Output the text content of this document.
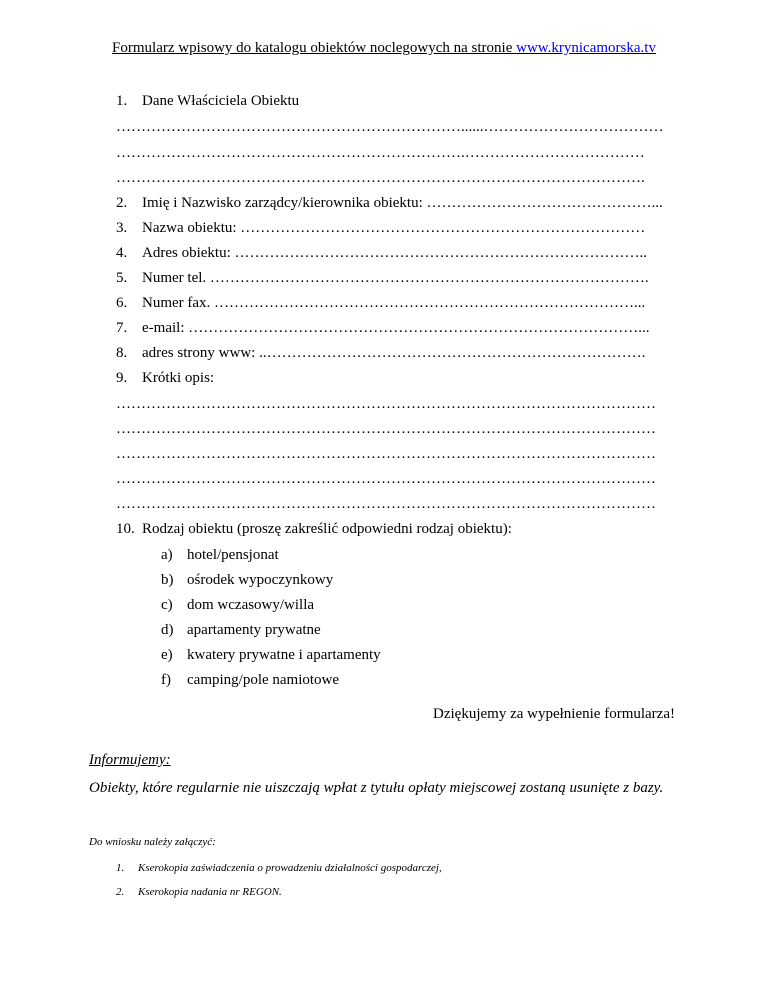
Formularz wpisowy do katalogu obiektów noclegowych na stronie www.krynicamorska.tv
1. Dane Właściciela Obiektu
……………………………………………………………......………………………………
…………………………………………………………….………………………………
…………………………………………………………………………………………….
2. Imię i Nazwisko zarządcy/kierownika obiektu: ………………………………………...
3. Nazwa obiektu: ………………………………………………………………………
4. Adres obiektu: ………………………………………………………………………..
5. Numer tel. …………………………………………………………………………….
6. Numer fax. …………………………………………………………………………...
7. e-mail: ………………………………………………………………………………...
8. adres strony www: ..………………………………………………………………….
9. Krótki opis:
………………………………………………………………………………………………
………………………………………………………………………………………………
………………………………………………………………………………………………
………………………………………………………………………………………………
………………………………………………………………………………………………
10. Rodzaj obiektu (proszę zakreślić odpowiedni rodzaj obiektu):
a) hotel/pensjonat
b) ośrodek wypoczynkowy
c) dom wczasowy/willa
d) apartamenty prywatne
e) kwatery prywatne i apartamenty
f) camping/pole namiotowe
Dziękujemy za wypełnienie formularza!
Informujemy:
Obiekty, które regularnie nie uiszczają wpłat z tytułu opłaty miejscowej zostaną usunięte z bazy.
Do wniosku należy załączyć:
1. Kserokopia zaświadczenia o prowadzeniu działalności gospodarczej,
2. Kserokopia nadania nr REGON.
